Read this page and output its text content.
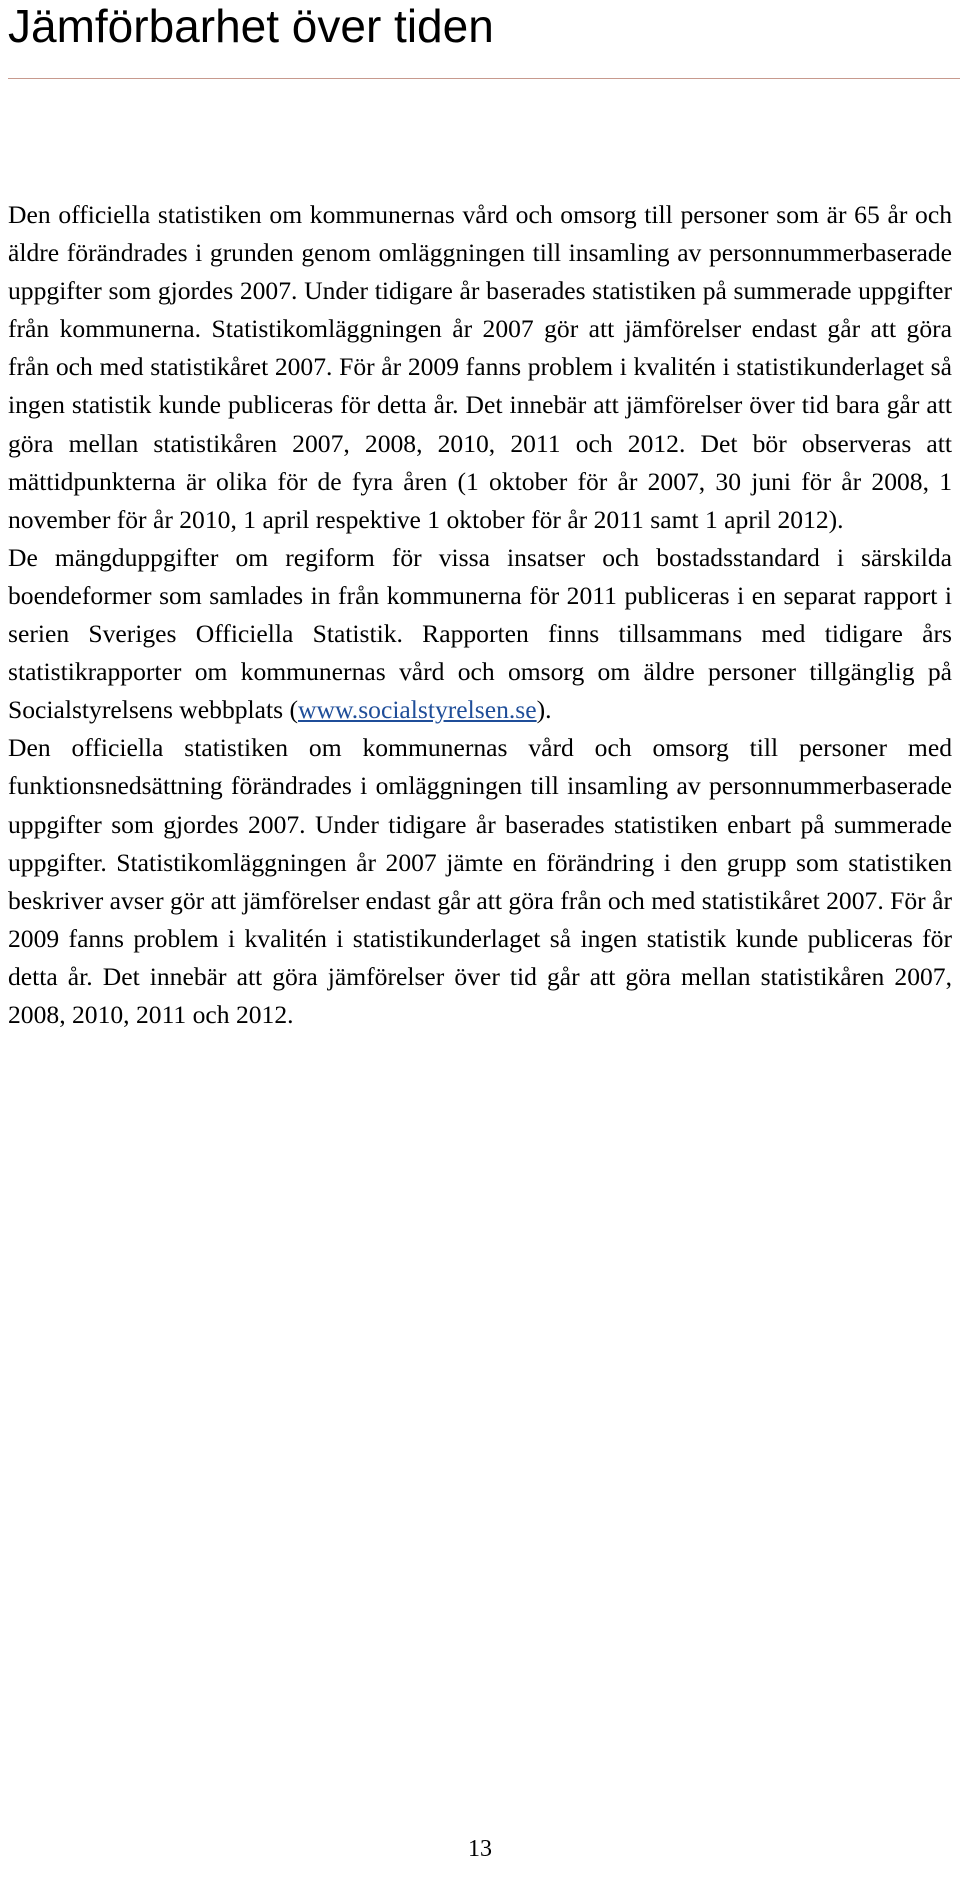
Jämförbarhet över tiden

Den officiella statistiken om kommunernas vård och omsorg till personer som är 65 år och äldre förändrades i grunden genom omläggningen till insamling av personnummerbaserade uppgifter som gjordes 2007. Under tidigare år baserades statistiken på summerade uppgifter från kommunerna. Statistikomläggningen år 2007 gör att jämförelser endast går att göra från och med statistikåret 2007. För år 2009 fanns problem i kvalitén i statistikunderlaget så ingen statistik kunde publiceras för detta år. Det innebär att jämförelser över tid bara går att göra mellan statistikåren 2007, 2008, 2010, 2011 och 2012. Det bör observeras att mättidpunkterna är olika för de fyra åren (1 oktober för år 2007, 30 juni för år 2008, 1 november för år 2010, 1 april respektive 1 oktober för år 2011 samt 1 april 2012).

De mängduppgifter om regiform för vissa insatser och bostadsstandard i särskilda boendeformer som samlades in från kommunerna för 2011 publiceras i en separat rapport i serien Sveriges Officiella Statistik. Rapporten finns tillsammans med tidigare års statistikrapporter om kommunernas vård och omsorg om äldre personer tillgänglig på Socialstyrelsens webbplats (www.socialstyrelsen.se).

Den officiella statistiken om kommunernas vård och omsorg till personer med funktionsnedsättning förändrades i omläggningen till insamling av personnummerbaserade uppgifter som gjordes 2007. Under tidigare år baserades statistiken enbart på summerade uppgifter. Statistikomläggningen år 2007 jämte en förändring i den grupp som statistiken beskriver avser gör att jämförelser endast går att göra från och med statistikåret 2007. För år 2009 fanns problem i kvalitén i statistikunderlaget så ingen statistik kunde publiceras för detta år. Det innebär att göra jämförelser över tid går att göra mellan statistikåren 2007, 2008, 2010, 2011 och 2012.

13
